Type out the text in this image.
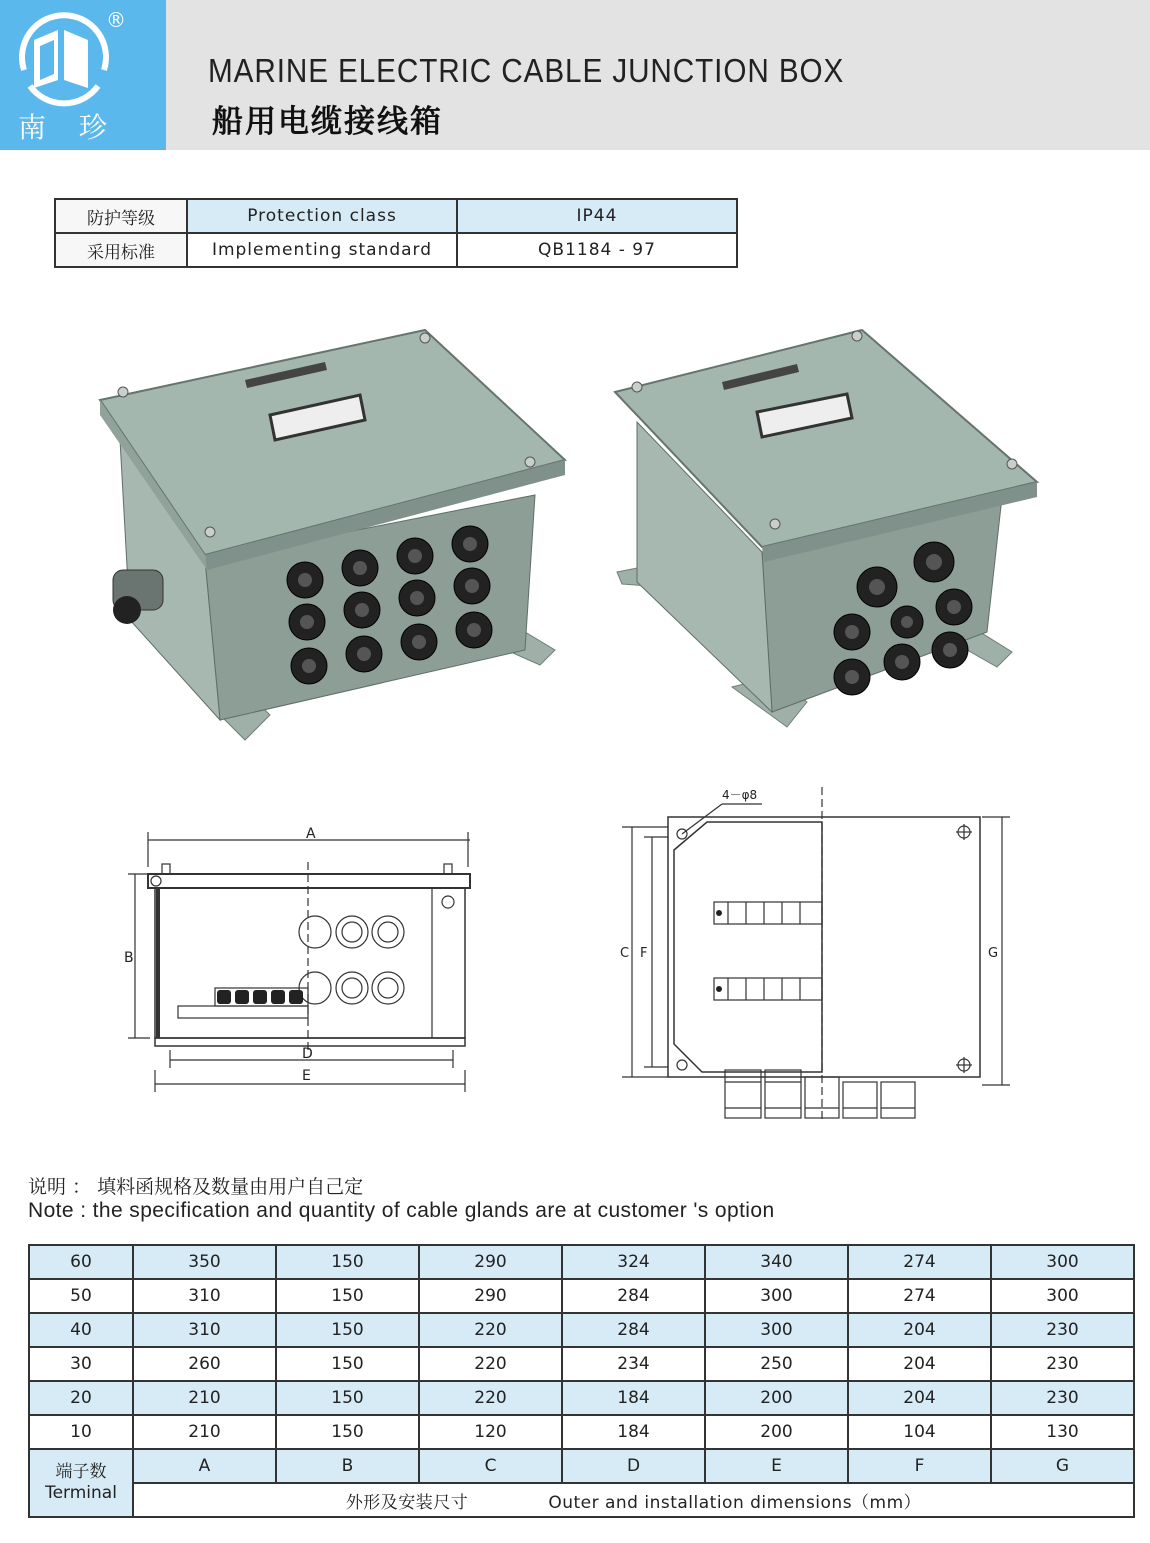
®
南 珍
MARINE ELECTRIC CABLE JUNCTION BOX
船用电缆接线箱
防护等级	Protection class	IP44
采用标准	Implementing standard	QB1184 - 97
A
B
D
E
4－φ8
C F	G
说明 ： 填料函规格及数量由用户自己定
Note : the specification and quantity of cable glands are at customer 's option
60	350	150	290	324	340	274	300
50	310	150	290	284	300	274	300
40	310	150	220	284	300	204	230
30	260	150	220	234	250	204	230
20	210	150	220	184	200	204	230
10	210	150	120	184	200	104	130
端子数
Terminal	A	B	C	D	E	F	G
	外形及安装尺寸 Outer and installation dimensions（mm）						
